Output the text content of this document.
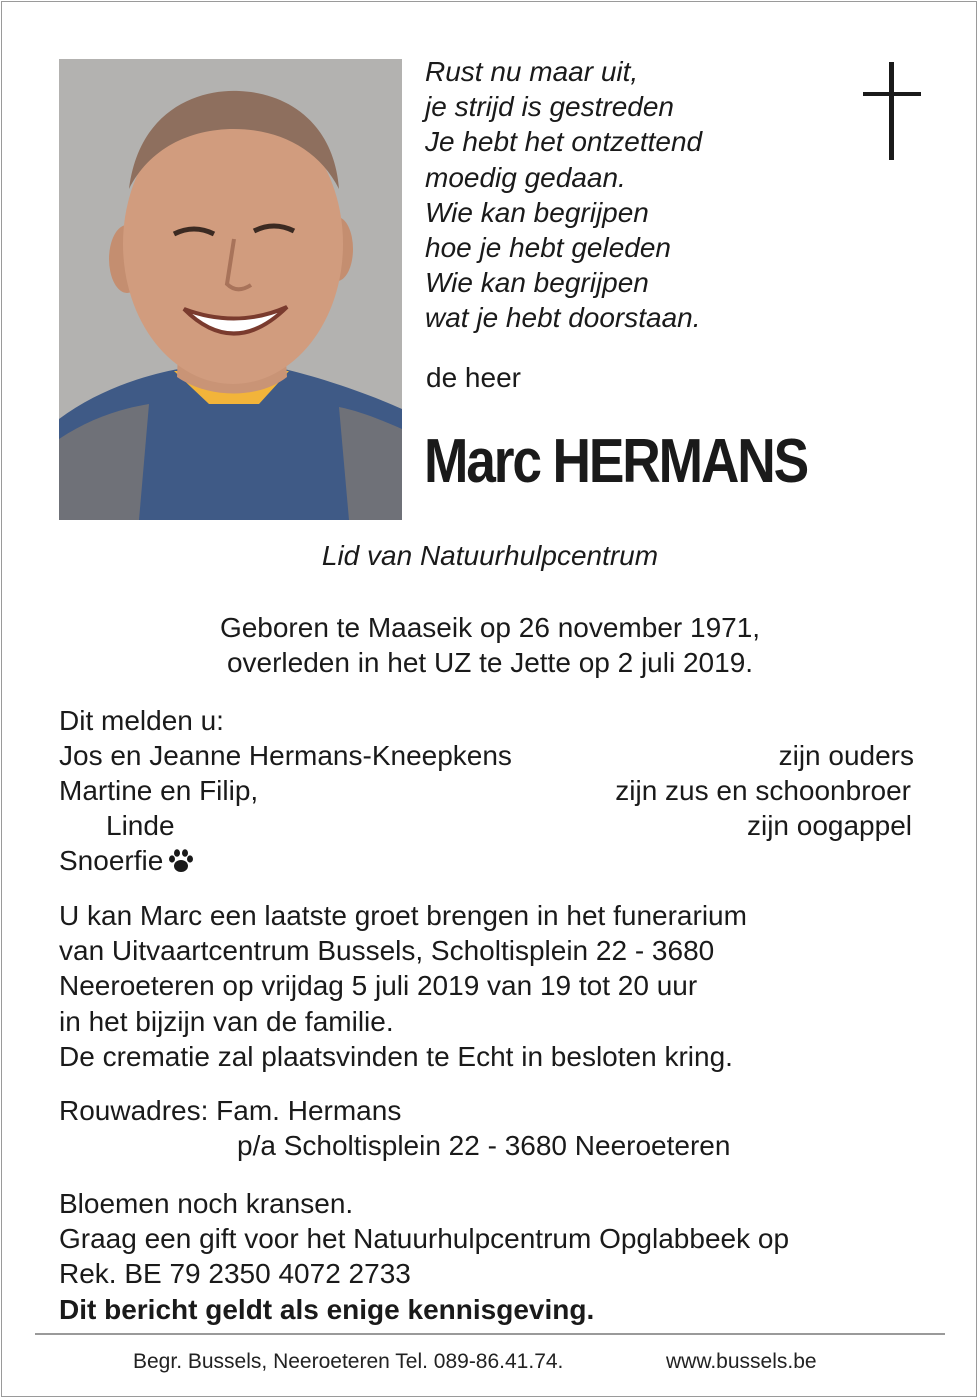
Rust nu maar uit,
je strijd is gestreden
Je hebt het ontzettend
moedig gedaan.
Wie kan begrijpen
hoe je hebt geleden
Wie kan begrijpen
wat je hebt doorstaan.
de heer
Marc HERMANS
Lid van Natuurhulpcentrum
Geboren te Maaseik op 26 november 1971,
overleden in het UZ te Jette op 2 juli 2019.
Dit melden u:
Jos en Jeanne Hermans-Kneepkens	zijn ouders
Martine en Filip,	zijn zus en schoonbroer
Linde	zijn oogappel
Snoerfie
U kan Marc een laatste groet brengen in het funerarium
van Uitvaartcentrum Bussels, Scholtisplein 22 - 3680
Neeroeteren op vrijdag 5 juli 2019 van 19 tot 20 uur
in het bijzijn van de familie.
De crematie zal plaatsvinden te Echt in besloten kring.
Rouwadres: Fam. Hermans
p/a Scholtisplein 22 - 3680 Neeroeteren
Bloemen noch kransen.
Graag een gift voor het Natuurhulpcentrum Opglabbeek op
Rek. BE 79 2350 4072 2733
Dit bericht geldt als enige kennisgeving.
Begr. Bussels, Neeroeteren Tel. 089-86.41.74.	www.bussels.be
